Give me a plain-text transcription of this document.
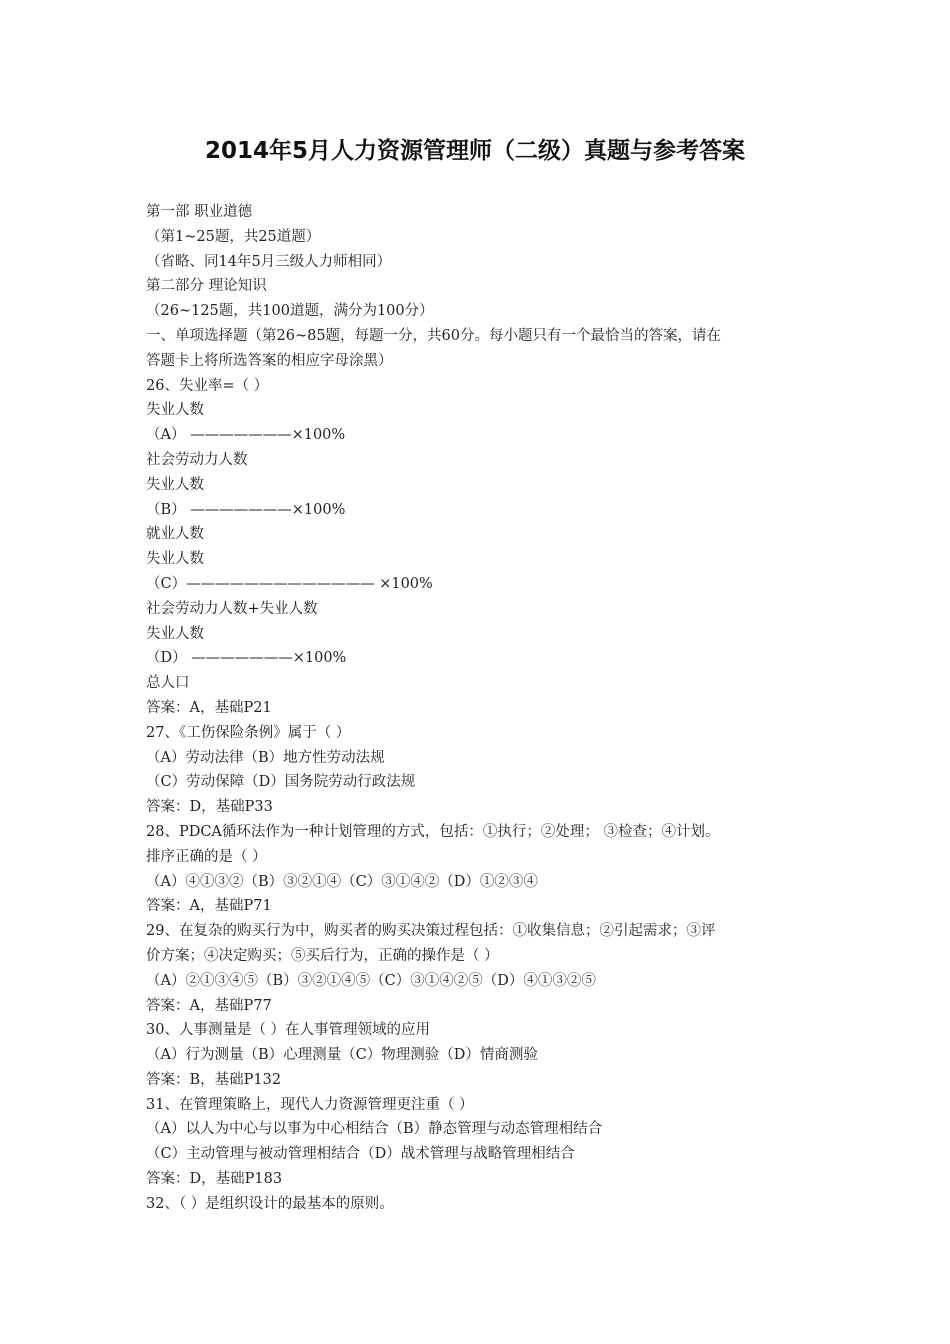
2014年5月人力资源管理师（二级）真题与参考答案
第一部 职业道德
（第1~25题，共25道题）
（省略、同14年5月三级人力师相同）
第二部分 理论知识
（26~125题，共100道题，满分为100分）
一、单项选择题（第26~85题，每题一分，共60分。每小题只有一个最恰当的答案，请在
答题卡上将所选答案的相应字母涂黑）
26、失业率=（ ）
失业人数
（A） ———————×100%
社会劳动力人数
失业人数
（B） ———————×100%
就业人数
失业人数
（C）————————————— ×100%
社会劳动力人数+失业人数
失业人数
（D） ———————×100%
总人口
答案：A，基础P21
27、《工伤保险条例》属于（ ）
（A）劳动法律（B）地方性劳动法规
（C）劳动保障（D）国务院劳动行政法规
答案：D，基础P33
28、PDCA循环法作为一种计划管理的方式，包括：①执行；②处理； ③检查；④计划。
排序正确的是（ ）
（A）④①③②（B）③②①④（C）③①④②（D）①②③④
答案：A，基础P71
29、在复杂的购买行为中，购买者的购买决策过程包括：①收集信息；②引起需求；③评
价方案；④决定购买；⑤买后行为，正确的操作是（ ）
（A）②①③④⑤（B）③②①④⑤（C）③①④②⑤（D）④①③②⑤
答案：A，基础P77
30、人事测量是（ ）在人事管理领域的应用
（A）行为测量（B）心理测量（C）物理测验（D）情商测验
答案：B，基础P132
31、在管理策略上，现代人力资源管理更注重（ ）
（A）以人为中心与以事为中心相结合（B）静态管理与动态管理相结合
（C）主动管理与被动管理相结合（D）战术管理与战略管理相结合
答案：D，基础P183
32、（ ）是组织设计的最基本的原则。
